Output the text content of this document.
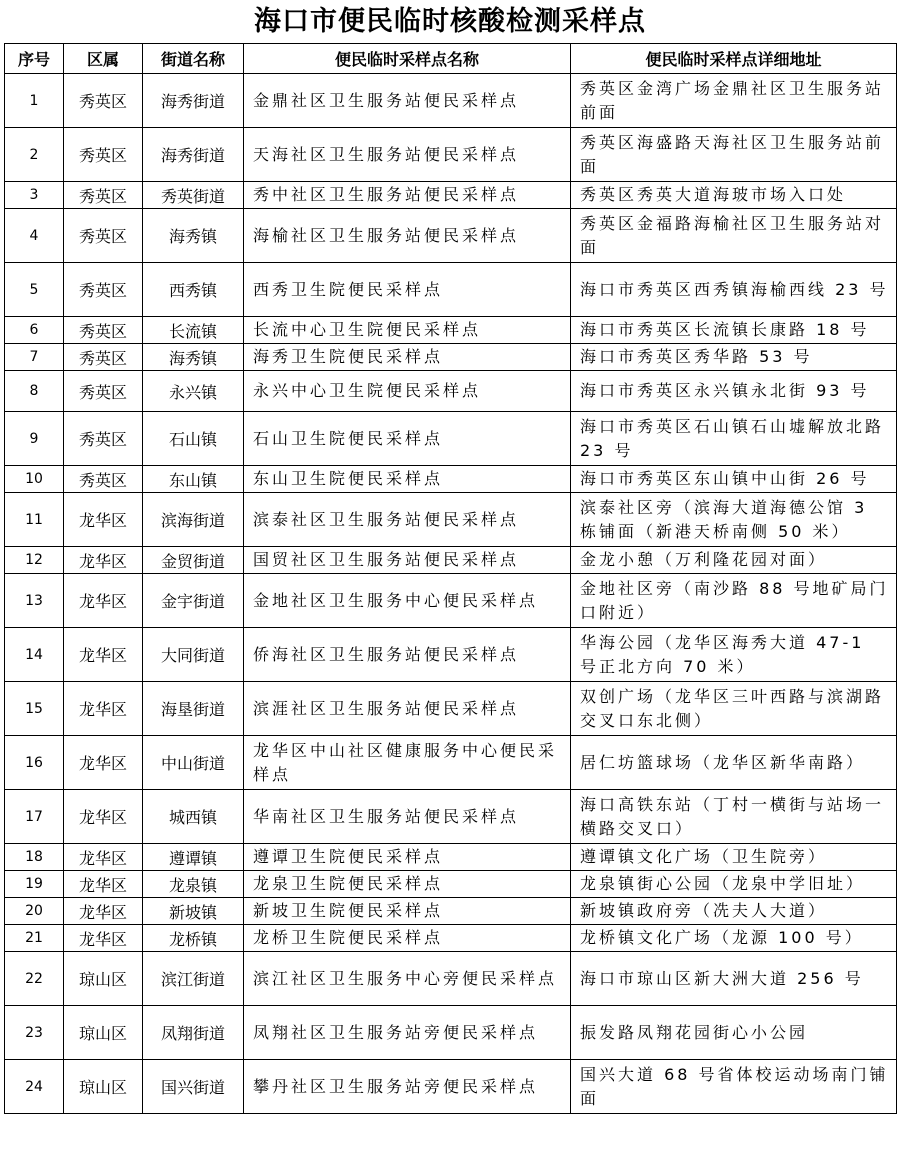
海口市便民临时核酸检测采样点
序号	区属	街道名称	便民临时采样点名称	便民临时采样点详细地址
1	秀英区	海秀街道	金鼎社区卫生服务站便民采样点	秀英区金湾广场金鼎社区卫生服务站前面
2	秀英区	海秀街道	天海社区卫生服务站便民采样点	秀英区海盛路天海社区卫生服务站前面
3	秀英区	秀英街道	秀中社区卫生服务站便民采样点	秀英区秀英大道海玻市场入口处
4	秀英区	海秀镇	海榆社区卫生服务站便民采样点	秀英区金福路海榆社区卫生服务站对面
5	秀英区	西秀镇	西秀卫生院便民采样点	海口市秀英区西秀镇海榆西线 23 号
6	秀英区	长流镇	长流中心卫生院便民采样点	海口市秀英区长流镇长康路 18 号
7	秀英区	海秀镇	海秀卫生院便民采样点	海口市秀英区秀华路 53 号
8	秀英区	永兴镇	永兴中心卫生院便民采样点	海口市秀英区永兴镇永北街 93 号
9	秀英区	石山镇	石山卫生院便民采样点	海口市秀英区石山镇石山墟解放北路 23 号
10	秀英区	东山镇	东山卫生院便民采样点	海口市秀英区东山镇中山街 26 号
11	龙华区	滨海街道	滨泰社区卫生服务站便民采样点	滨泰社区旁（滨海大道海德公馆 3 栋铺面（新港天桥南侧 50 米）
12	龙华区	金贸街道	国贸社区卫生服务站便民采样点	金龙小憩（万利隆花园对面）
13	龙华区	金宇街道	金地社区卫生服务中心便民采样点	金地社区旁（南沙路 88 号地矿局门口附近）
14	龙华区	大同街道	侨海社区卫生服务站便民采样点	华海公园（龙华区海秀大道 47-1 号正北方向 70 米）
15	龙华区	海垦街道	滨涯社区卫生服务站便民采样点	双创广场（龙华区三叶西路与滨湖路交叉口东北侧）
16	龙华区	中山街道	龙华区中山社区健康服务中心便民采样点	居仁坊篮球场（龙华区新华南路）
17	龙华区	城西镇	华南社区卫生服务站便民采样点	海口高铁东站（丁村一横街与站场一横路交叉口）
18	龙华区	遵谭镇	遵谭卫生院便民采样点	遵谭镇文化广场（卫生院旁）
19	龙华区	龙泉镇	龙泉卫生院便民采样点	龙泉镇街心公园（龙泉中学旧址）
20	龙华区	新坡镇	新坡卫生院便民采样点	新坡镇政府旁（冼夫人大道）
21	龙华区	龙桥镇	龙桥卫生院便民采样点	龙桥镇文化广场（龙源 100 号）
22	琼山区	滨江街道	滨江社区卫生服务中心旁便民采样点	海口市琼山区新大洲大道 256 号
23	琼山区	凤翔街道	凤翔社区卫生服务站旁便民采样点	振发路凤翔花园街心小公园
24	琼山区	国兴街道	攀丹社区卫生服务站旁便民采样点	国兴大道 68 号省体校运动场南门铺面
